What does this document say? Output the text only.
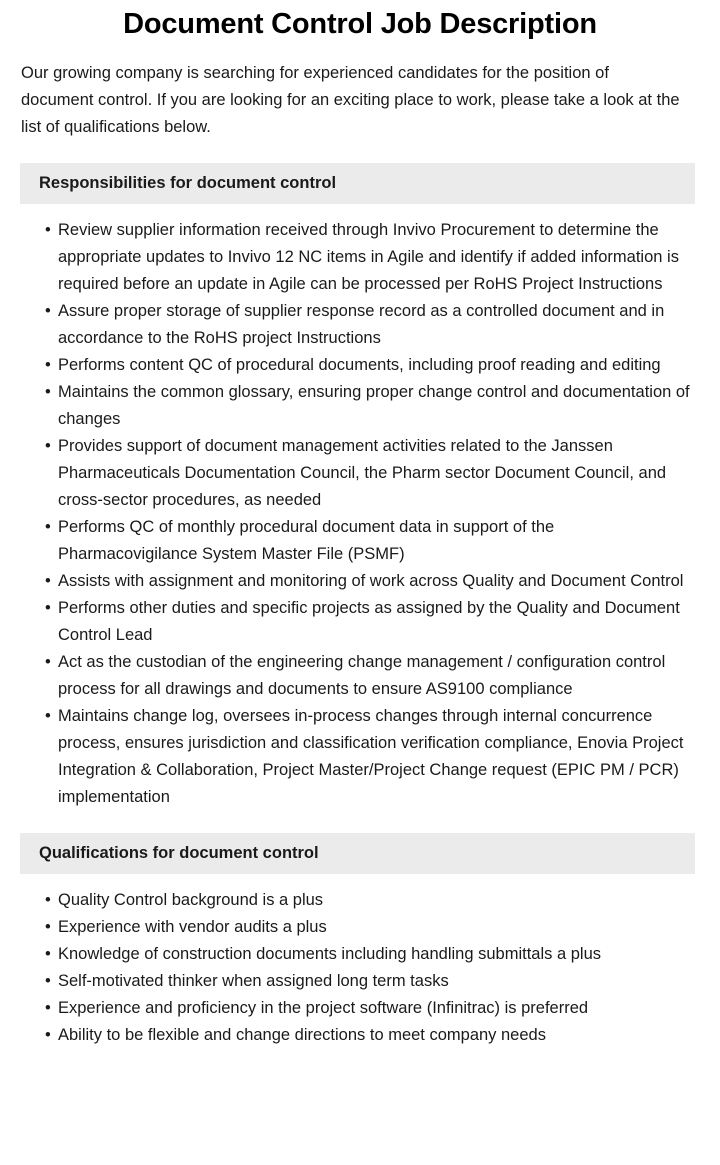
Document Control Job Description

Our growing company is searching for experienced candidates for the position of document control. If you are looking for an exciting place to work, please take a look at the list of qualifications below.

Responsibilities for document control
• Review supplier information received through Invivo Procurement to determine the appropriate updates to Invivo 12 NC items in Agile and identify if added information is required before an update in Agile can be processed per RoHS Project Instructions
• Assure proper storage of supplier response record as a controlled document and in accordance to the RoHS project Instructions
• Performs content QC of procedural documents, including proof reading and editing
• Maintains the common glossary, ensuring proper change control and documentation of changes
• Provides support of document management activities related to the Janssen Pharmaceuticals Documentation Council, the Pharm sector Document Council, and cross-sector procedures, as needed
• Performs QC of monthly procedural document data in support of the Pharmacovigilance System Master File (PSMF)
• Assists with assignment and monitoring of work across Quality and Document Control
• Performs other duties and specific projects as assigned by the Quality and Document Control Lead
• Act as the custodian of the engineering change management / configuration control process for all drawings and documents to ensure AS9100 compliance
• Maintains change log, oversees in-process changes through internal concurrence process, ensures jurisdiction and classification verification compliance, Enovia Project Integration & Collaboration, Project Master/Project Change request (EPIC PM / PCR) implementation
Qualifications for document control
• Quality Control background is a plus
• Experience with vendor audits a plus
• Knowledge of construction documents including handling submittals a plus
• Self-motivated thinker when assigned long term tasks
• Experience and proficiency in the project software (Infinitrac) is preferred
• Ability to be flexible and change directions to meet company needs
